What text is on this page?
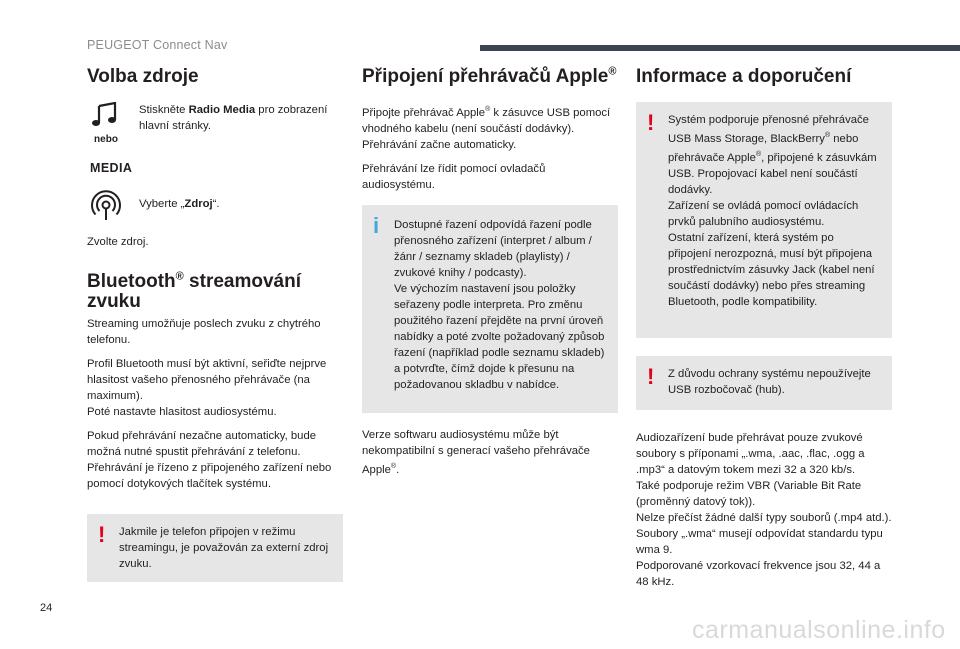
PEUGEOT Connect Nav
Volba zdroje
nebo
Stiskněte Radio Media pro zobrazení hlavní stránky.
MEDIA
Vyberte „Zdroj“.

Zvolte zdroj.

Bluetooth® streamování zvuku

Streaming umožňuje poslech zvuku z chytrého telefonu.

Profil Bluetooth musí být aktivní, seřiďte nejprve hlasitost vašeho přenosného přehrávače (na maximum).
Poté nastavte hlasitost audiosystému.

Pokud přehrávání nezačne automaticky, bude možná nutné spustit přehrávání z telefonu.
Přehrávání je řízeno z připojeného zařízení nebo pomocí dotykových tlačítek systému.

! Jakmile je telefon připojen v režimu streamingu, je považován za externí zdroj zvuku.

Připojení přehrávačů Apple®

Připojte přehrávač Apple® k zásuvce USB pomocí vhodného kabelu (není součástí dodávky).
Přehrávání začne automaticky.

Přehrávání lze řídit pomocí ovladačů audiosystému.

i Dostupné řazení odpovídá řazení podle přenosného zařízení (interpret / album / žánr / seznamy skladeb (playlisty) / zvukové knihy / podcasty).
Ve výchozím nastavení jsou položky seřazeny podle interpreta. Pro změnu použitého řazení přejděte na první úroveň nabídky a poté zvolte požadovaný způsob řazení (například podle seznamu skladeb) a potvrďte, čímž dojde k přesunu na požadovanou skladbu v nabídce.

Verze softwaru audiosystému může být nekompatibilní s generací vašeho přehrávače Apple®.

Informace a doporučení
! Systém podporuje přenosné přehrávače USB Mass Storage, BlackBerry® nebo přehrávače Apple®, připojené k zásuvkám USB. Propojovací kabel není součástí dodávky.
Zařízení se ovládá pomocí ovládacích prvků palubního audiosystému.
Ostatní zařízení, která systém po připojení nerozpozná, musí být připojena prostřednictvím zásuvky Jack (kabel není součástí dodávky) nebo přes streaming Bluetooth, podle kompatibility.

! Z důvodu ochrany systému nepoužívejte USB rozbočovač (hub).

Audiozařízení bude přehrávat pouze zvukové soubory s příponami „.wma, .aac, .flac, .ogg a .mp3“ a datovým tokem mezi 32 a 320 kb/s.
Také podporuje režim VBR (Variable Bit Rate (proměnný datový tok)).
Nelze přečíst žádné další typy souborů (.mp4 atd.).
Soubory „.wma“ musejí odpovídat standardu typu wma 9.
Podporované vzorkovací frekvence jsou 32, 44 a 48 kHz.

24
carmanualsonline.info
